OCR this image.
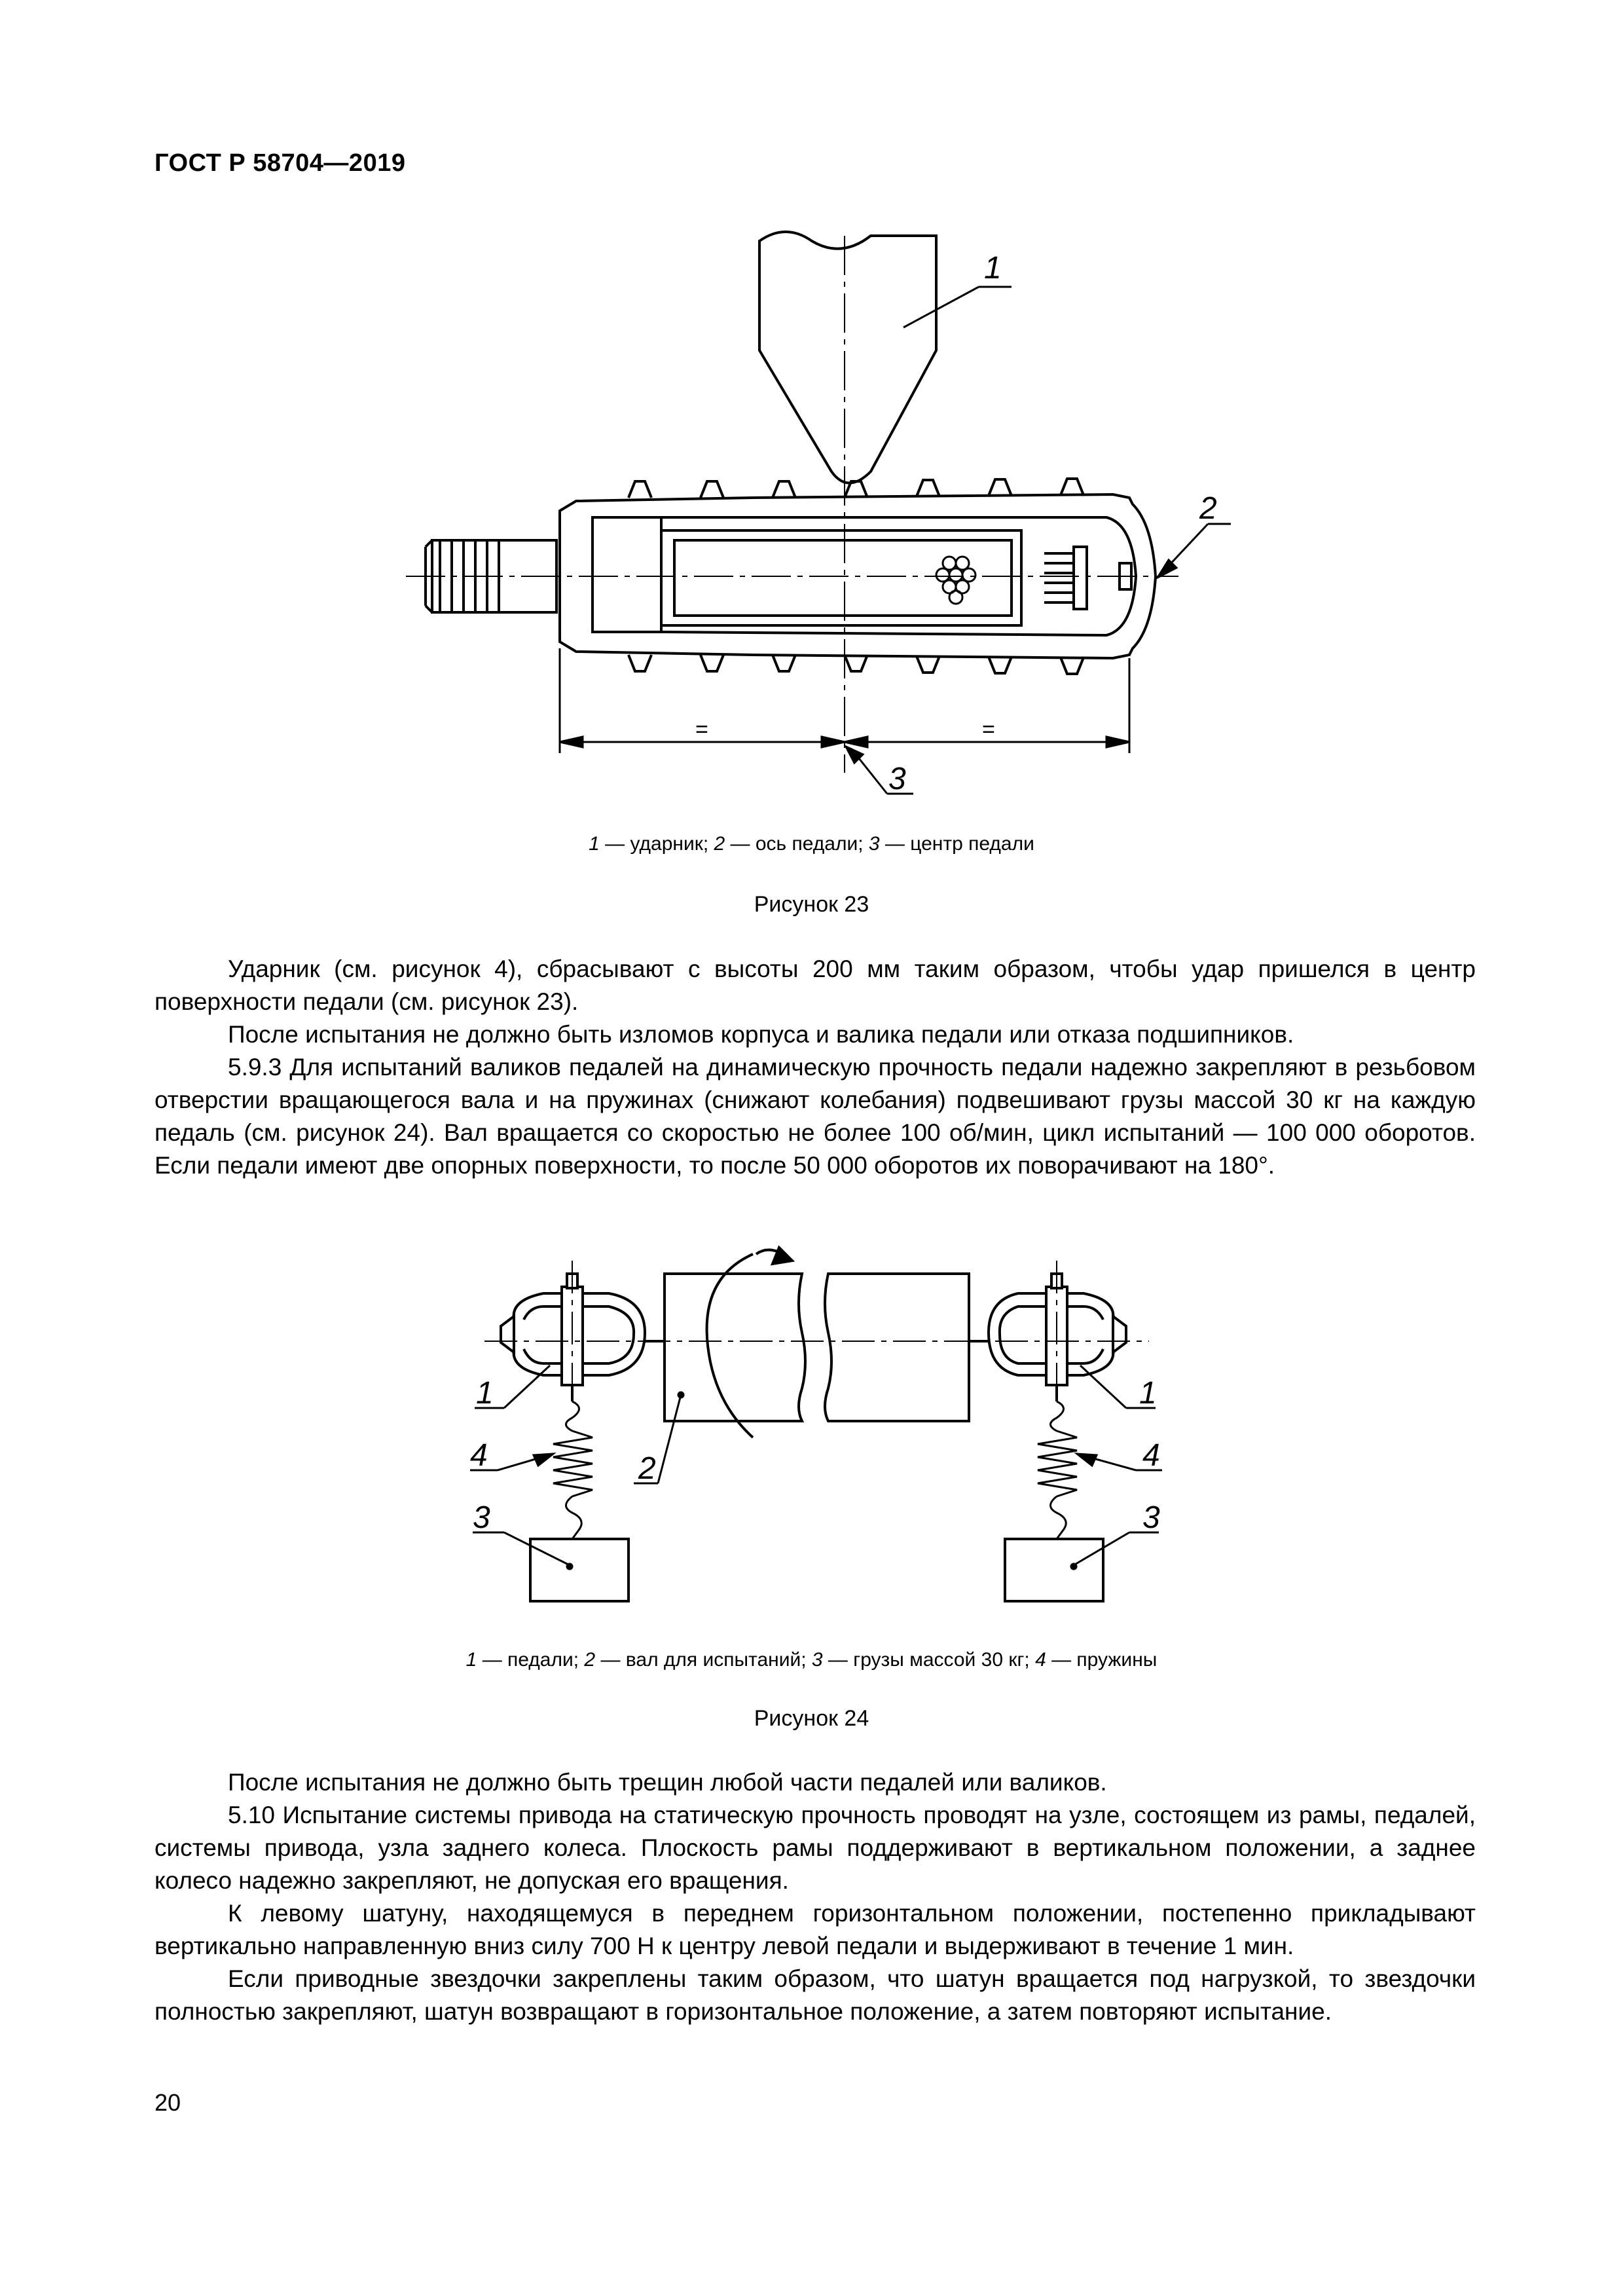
ГОСТ Р 58704—2019
1
2
3
=	=
1 — ударник; 2 — ось педали; 3 — центр педали
Рисунок 23

Ударник (см. рисунок 4), сбрасывают с высоты 200 мм таким образом, чтобы удар пришелся в центр поверхности педали (см. рисунок 23).

После испытания не должно быть изломов корпуса и валика педали или отказа подшипников.

5.9.3 Для испытаний валиков педалей на динамическую прочность педали надежно закрепляют в резьбовом отверстии вращающегося вала и на пружинах (снижают колебания) подвешивают грузы массой 30 кг на каждую педаль (см. рисунок 24). Вал вращается со скоростью не более 100 об/мин, цикл испытаний — 100 000 оборотов. Если педали имеют две опорных поверхности, то после 50 000 оборотов их поворачивают на 180°.

1	1
4	4
2
3	3
1 — педали; 2 — вал для испытаний; 3 — грузы массой 30 кг; 4 — пружины
Рисунок 24

После испытания не должно быть трещин любой части педалей или валиков.

5.10 Испытание системы привода на статическую прочность проводят на узле, состоящем из рамы, педалей, системы привода, узла заднего колеса. Плоскость рамы поддерживают в вертикальном положении, а заднее колесо надежно закрепляют, не допуская его вращения.

К левому шатуну, находящемуся в переднем горизонтальном положении, постепенно прикладывают вертикально направленную вниз силу 700 Н к центру левой педали и выдерживают в течение 1 мин.

Если приводные звездочки закреплены таким образом, что шатун вращается под нагрузкой, то звездочки полностью закрепляют, шатун возвращают в горизонтальное положение, а затем повторяют испытание.

20
